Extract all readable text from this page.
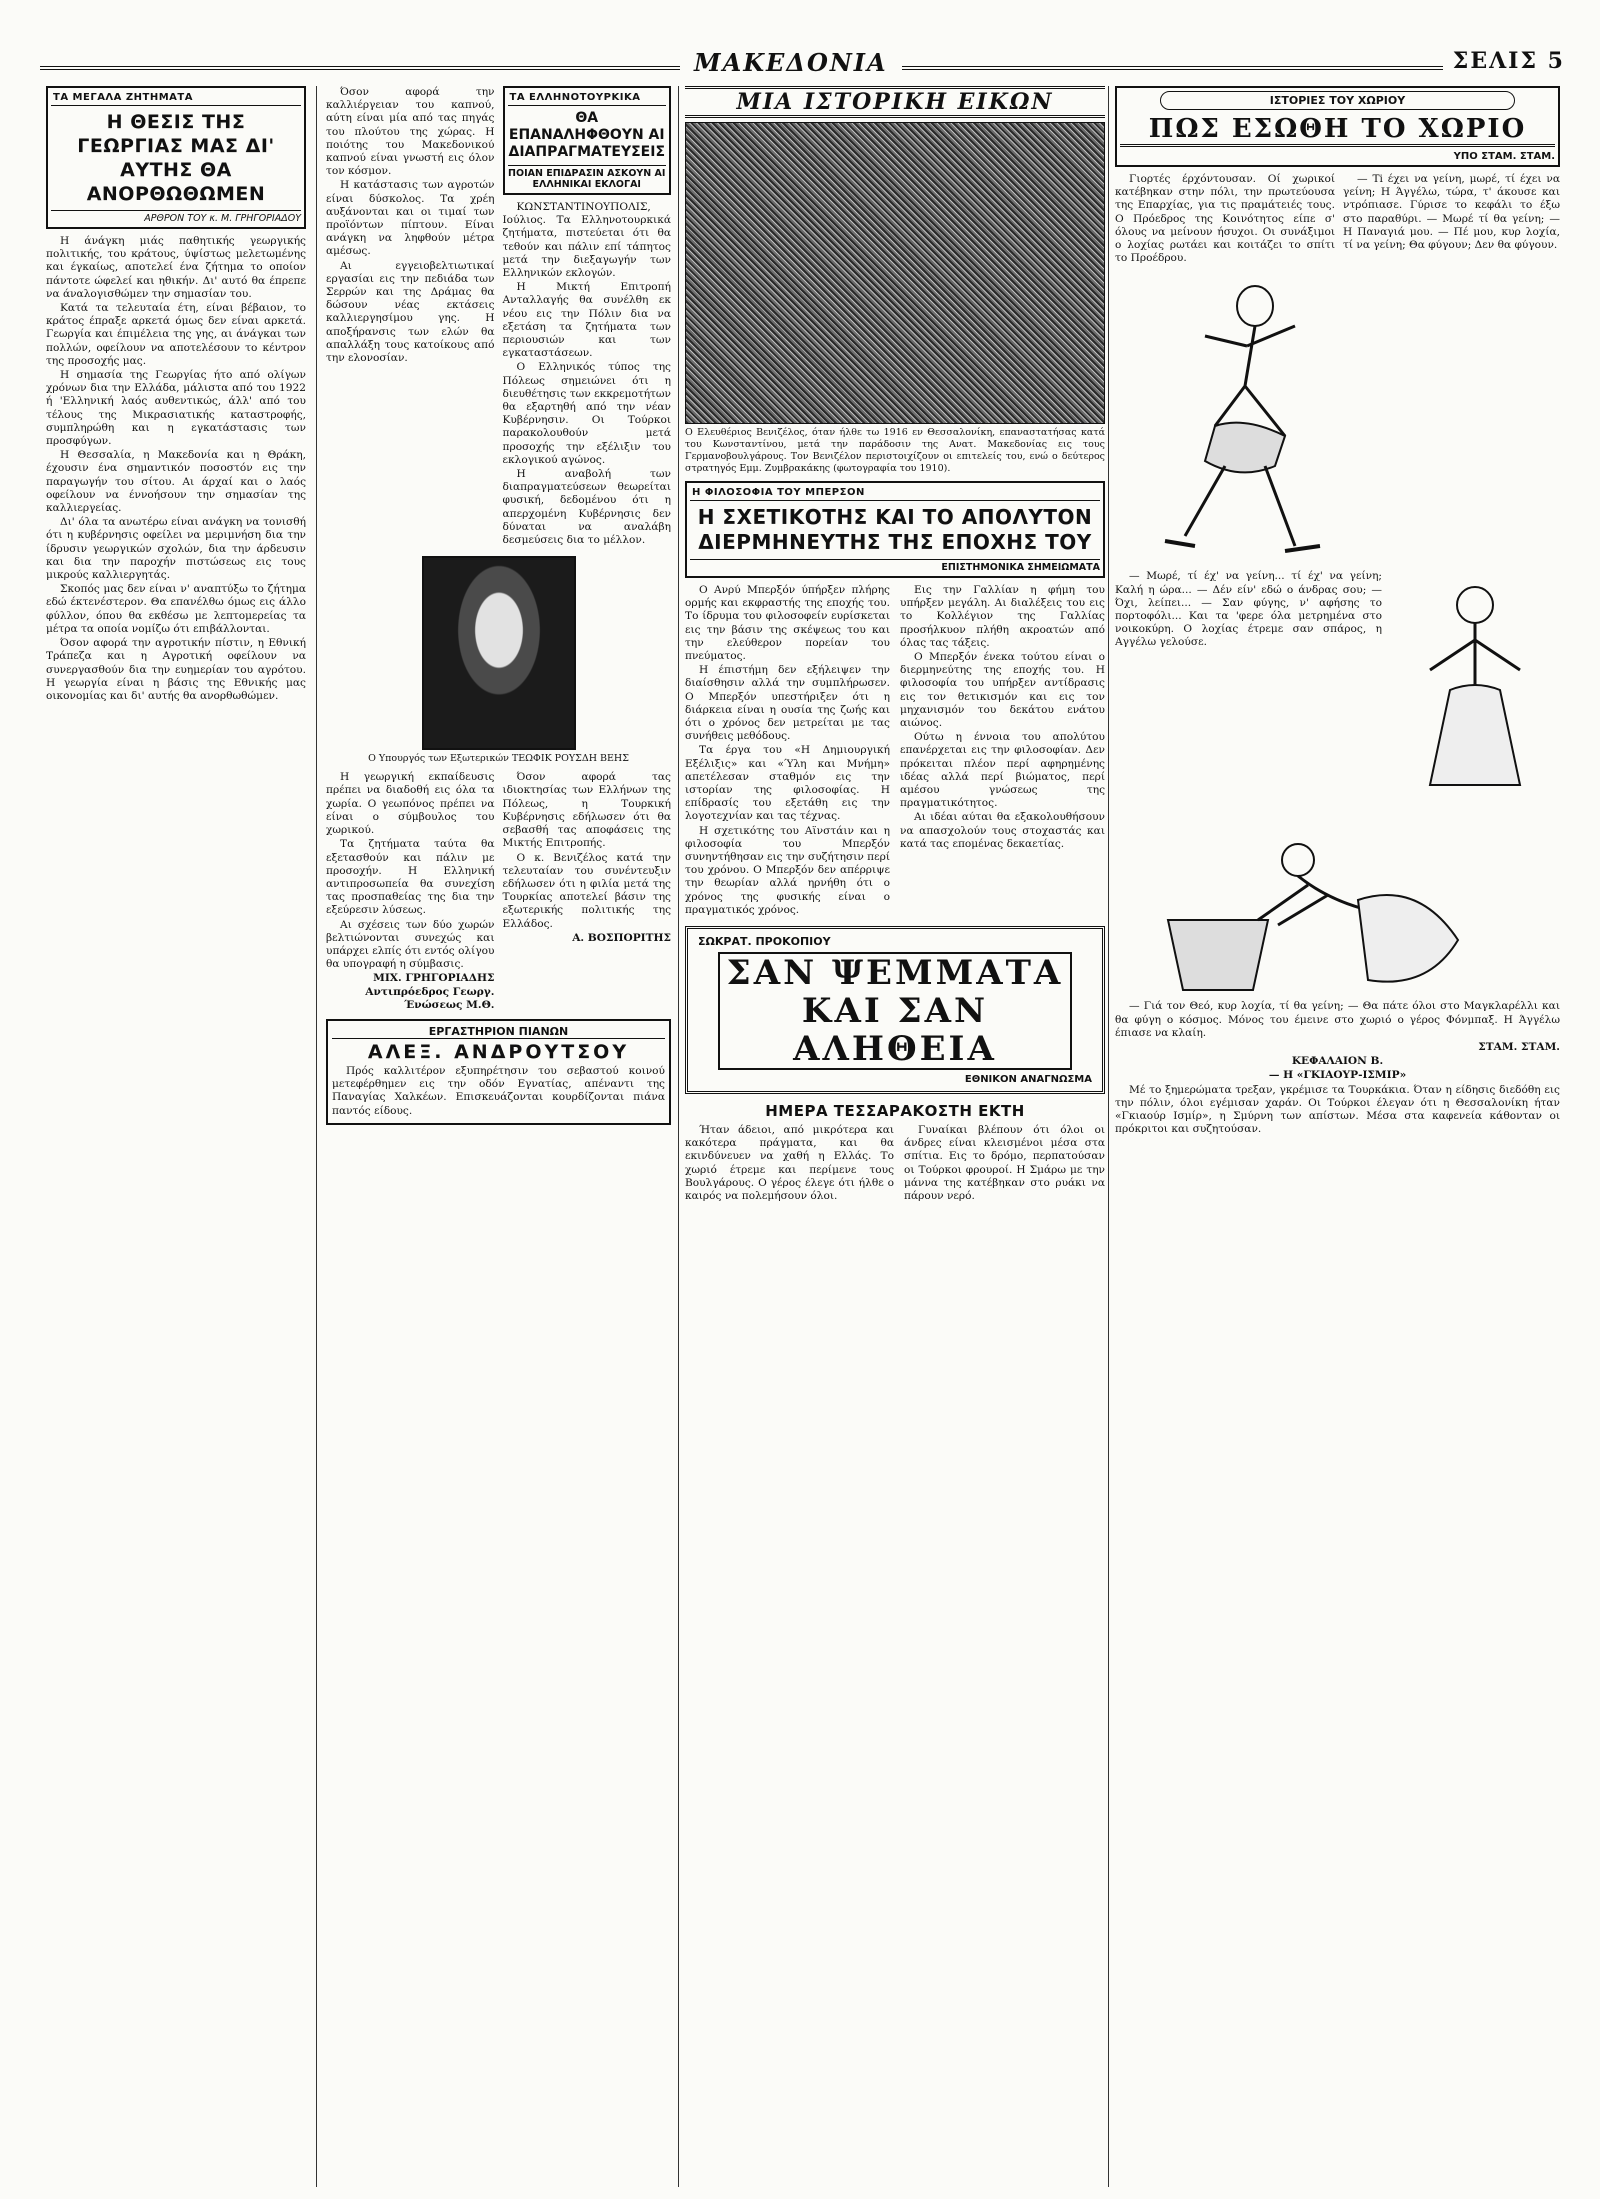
ΜΑΚΕΔΟΝΙΑ	ΣΕΛΙΣ 5
ΤΑ ΜΕΓΑΛΑ ΖΗΤΗΜΑΤΑ
Η ΘΕΣΙΣ ΤΗΣ ΓΕΩΡΓΙΑΣ ΜΑΣ ΔΙ' ΑΥΤΗΣ ΘΑ ΑΝΟΡΘΩΘΩΜΕΝ
ΑΡΘΡΟΝ ΤΟΥ κ. Μ. ΓΡΗΓΟΡΙΑΔΟΥ

Η άνάγκη μιάς παθητικής γεωργικής πολιτικής, του κράτους, ύψίστως μελετωμένης και έγκαίως, αποτελεί ένα ζήτημα το οποίον πάντοτε ώφελεί και ηθικήν. Δι' αυτό θα έπρεπε να άναλογισθώμεν την σημασίαν του.

Κατά τα τελευταία έτη, είναι βέβαιον, το κράτος έπραξε αρκετά όμως δεν είναι αρκετά. Γεωργία και έπιμέλεια της γης, αι άνάγκαι των πολλών, οφείλουν να αποτελέσουν το κέντρον της προσοχής μας.

Η σημασία της Γεωργίας ήτο από ολίγων χρόνων δια την Ελλάδα, μάλιστα από του 1922 ή 'Ελληνική λαός αυθεντικώς, άλλ' από του τέλους της Μικρασιατικής καταστροφής, συμπληρώθη και η εγκατάστασις των προσφύγων.

Η Θεσσαλία, η Μακεδονία και η Θράκη, έχουσιν ένα σημαντικόν ποσοστόν εις την παραγωγήν του σίτου. Αι άρχαί και ο λαός οφείλουν να έννοήσουν την σημασίαν της καλλιεργείας.

Δι' όλα τα ανωτέρω είναι ανάγκη να τονισθή ότι η κυβέρνησις οφείλει να μεριμνήση δια την ίδρυσιν γεωργικών σχολών, δια την άρδευσιν και δια την παροχήν πιστώσεως εις τους μικρούς καλλιεργητάς.

Σκοπός μας δεν είναι ν' αναπτύξω το ζήτημα εδώ έκτενέστερον. Θα επανέλθω όμως εις άλλο φύλλον, όπου θα εκθέσω με λεπτομερείας τα μέτρα τα οποία νομίζω ότι επιβάλλονται.

Όσον αφορά την αγροτικήν πίστιν, η Εθνική Τράπεζα και η Αγροτική οφείλουν να συνεργασθούν δια την ευημερίαν του αγρότου. Η γεωργία είναι η βάσις της Εθνικής μας οικονομίας και δι' αυτής θα ανορθωθώμεν.

Όσον αφορά την καλλιέργειαν του καπνού, αύτη είναι μία από τας πηγάς του πλούτου της χώρας. Η ποιότης του Μακεδονικού καπνού είναι γνωστή εις όλον τον κόσμον.

Η κατάστασις των αγροτών είναι δύσκολος. Τα χρέη αυξάνονται και οι τιμαί των προϊόντων πίπτουν. Είναι ανάγκη να ληφθούν μέτρα αμέσως.

Αι εγγειοβελτιωτικαί εργασίαι εις την πεδιάδα των Σερρών και της Δράμας θα δώσουν νέας εκτάσεις καλλιεργησίμου γης. Η αποξήρανσις των ελών θα απαλλάξη τους κατοίκους από την ελονοσίαν.

ΤΑ ΕΛΛΗΝΟΤΟΥΡΚΙΚΑ
ΘΑ ΕΠΑΝΑΛΗΦΘΟΥΝ ΑΙ ΔΙΑΠΡΑΓΜΑΤΕΥΣΕΙΣ
ΠΟΙΑΝ ΕΠΙΔΡΑΣΙΝ ΑΣΚΟΥΝ ΑΙ ΕΛΛΗΝΙΚΑΙ ΕΚΛΟΓΑΙ

ΚΩΝΣΤΑΝΤΙΝΟΥΠΟΛΙΣ, Ιούλιος. Τα Ελληνοτουρκικά ζητήματα, πιστεύεται ότι θα τεθούν και πάλιν επί τάπητος μετά την διεξαγωγήν των Ελληνικών εκλογών.

Η Μικτή Επιτροπή Ανταλλαγής θα συνέλθη εκ νέου εις την Πόλιν δια να εξετάση τα ζητήματα των περιουσιών και των εγκαταστάσεων.

Ο Ελληνικός τύπος της Πόλεως σημειώνει ότι η διευθέτησις των εκκρεμοτήτων θα εξαρτηθή από την νέαν Κυβέρνησιν. Οι Τούρκοι παρακολουθούν μετά προσοχής την εξέλιξιν του εκλογικού αγώνος.

Η αναβολή των διαπραγματεύσεων θεωρείται φυσική, δεδομένου ότι η απερχομένη Κυβέρνησις δεν δύναται να αναλάβη δεσμεύσεις δια το μέλλον.

Ο Υπουργός των Εξωτερικών ΤΕΩΦΙΚ ΡΟΥΣΔΗ ΒΕΗΣ

Η γεωργική εκπαίδευσις πρέπει να διαδοθή εις όλα τα χωρία. Ο γεωπόνος πρέπει να είναι ο σύμβουλος του χωρικού.

Τα ζητήματα ταύτα θα εξετασθούν και πάλιν με προσοχήν. Η Ελληνική αντιπροσωπεία θα συνεχίση τας προσπαθείας της δια την εξεύρεσιν λύσεως.

Αι σχέσεις των δύο χωρών βελτιώνονται συνεχώς και υπάρχει ελπίς ότι εντός ολίγου θα υπογραφή η σύμβασις.

ΜΙΧ. ΓΡΗΓΟΡΙΑΔΗΣ Αντιπρόεδρος Γεωργ. Ένώσεως Μ.Θ.

Όσον αφορά τας ιδιοκτησίας των Ελλήνων της Πόλεως, η Τουρκική Κυβέρνησις εδήλωσεν ότι θα σεβασθή τας αποφάσεις της Μικτής Επιτροπής.

Ο κ. Βενιζέλος κατά την τελευταίαν του συνέντευξιν εδήλωσεν ότι η φιλία μετά της Τουρκίας αποτελεί βάσιν της εξωτερικής πολιτικής της Ελλάδος.

Α. ΒΟΣΠΟΡΙΤΗΣ

ΕΡΓΑΣΤΗΡΙΟΝ ΠΙΑΝΩΝ
ΑΛΕΞ. ΑΝΔΡΟΥΤΣΟΥ

Πρός καλλιτέρον εξυπηρέτησιν του σεβαστού κοινού μετεφέρθημεν εις την οδόν Εγνατίας, απέναντι της Παναγίας Χαλκέων. Επισκευάζονται κουρδίζονται πιάνα παντός είδους.

ΜΙΑ ΙΣΤΟΡΙΚΗ ΕΙΚΩΝ
Ο Ελευθέριος Βενιζέλος, όταν ήλθε τω 1916 εν Θεσσαλονίκη, επαναστατήσας κατά του Κωνσταντίνου, μετά την παράδοσιν της Ανατ. Μακεδονίας εις τους Γερμανοβουλγάρους. Τον Βενιζέλον περιστοιχίζουν οι επιτελείς του, ενώ ο δεύτερος στρατηγός Εμμ. Ζυμβρακάκης (φωτογραφία του 1910).
Η ΦΙΛΟΣΟΦΙΑ ΤΟΥ ΜΠΕΡΣΟΝ
Η ΣΧΕΤΙΚΟΤΗΣ ΚΑΙ ΤΟ ΑΠΟΛΥΤΟΝ ΔΙΕΡΜΗΝΕΥΤΗΣ ΤΗΣ ΕΠΟΧΗΣ ΤΟΥ
ΕΠΙΣΤΗΜΟΝΙΚΑ ΣΗΜΕΙΩΜΑΤΑ

Ο Ανρύ Μπερξόν ύπήρξεν πλήρης ορμής και εκφραστής της εποχής του. Το ίδρυμα του φιλοσοφείν ευρίσκεται εις την βάσιν της σκέψεως του και την ελεύθερον πορείαν του πνεύματος.

Η έπιστήμη δεν εξήλειψεν την διαίσθησιν αλλά την συμπλήρωσεν. Ο Μπερξόν υπεστήριξεν ότι η διάρκεια είναι η ουσία της ζωής και ότι ο χρόνος δεν μετρείται με τας συνήθεις μεθόδους.

Τα έργα του «Η Δημιουργική Εξέλιξις» και «Ύλη και Μνήμη» απετέλεσαν σταθμόν εις την ιστορίαν της φιλοσοφίας. Η επίδρασίς του εξετάθη εις την λογοτεχνίαν και τας τέχνας.

Η σχετικότης του Αϊνστάιν και η φιλοσοφία του Μπερξόν συνηντήθησαν εις την συζήτησιν περί του χρόνου. Ο Μπερξόν δεν απέρριψε την θεωρίαν αλλά ηρνήθη ότι ο χρόνος της φυσικής είναι ο πραγματικός χρόνος.

Εις την Γαλλίαν η φήμη του υπήρξεν μεγάλη. Αι διαλέξεις του εις το Κολλέγιον της Γαλλίας προσήλκυον πλήθη ακροατών από όλας τας τάξεις.

Ο Μπερξόν ένεκα τούτου είναι ο διερμηνεύτης της εποχής του. Η φιλοσοφία του υπήρξεν αντίδρασις εις τον θετικισμόν και εις τον μηχανισμόν του δεκάτου ενάτου αιώνος.

Ούτω η έννοια του απολύτου επανέρχεται εις την φιλοσοφίαν. Δεν πρόκειται πλέον περί αφηρημένης ιδέας αλλά περί βιώματος, περί αμέσου γνώσεως της πραγματικότητος.

Αι ιδέαι αύται θα εξακολουθήσουν να απασχολούν τους στοχαστάς και κατά τας επομένας δεκαετίας.

ΣΩΚΡΑΤ. ΠΡΟΚΟΠΙΟΥ
ΣΑΝ ΨΕΜΜΑΤΑ ΚΑΙ ΣΑΝ ΑΛΗΘΕΙΑ
ΕΘΝΙΚΟΝ ΑΝΑΓΝΩΣΜΑ
ΗΜΕΡΑ ΤΕΣΣΑΡΑΚΟΣΤΗ ΕΚΤΗ

Ήταν άδειοι, από μικρότερα και κακότερα πράγματα, και θα εκινδύνευεν να χαθή η Ελλάς. Το χωριό έτρεμε και περίμενε τους Βουλγάρους. Ο γέρος έλεγε ότι ήλθε ο καιρός να πολεμήσουν όλοι.

Γυναίκαι βλέπουν ότι όλοι οι άνδρες είναι κλεισμένοι μέσα στα σπίτια. Εις το δρόμο, περπατούσαν οι Τούρκοι φρουροί. Η Σμάρω με την μάννα της κατέβηκαν στο ρυάκι να πάρουν νερό.

ΙΣΤΟΡΙΕΣ ΤΟΥ ΧΩΡΙΟΥ
ΠΩΣ ΕΣΩΘΗ ΤΟ ΧΩΡΙΟ
ΥΠΟ ΣΤΑΜ. ΣΤΑΜ.

Γιορτές έρχόντουσαν. Οί χωρικοί κατέβηκαν στην πόλι, την πρωτεύουσα της Επαρχίας, για τις πραμάτειές τους. Ο Πρόεδρος της Κοινότητος είπε σ' όλους να μείνουν ήσυχοι. Οι συνάξιμοι ο λοχίας ρωτάει και κοιτάζει το σπίτι το Προέδρου.

— Ti έχει να γείνη, μωρέ, τί έχει να γείνη; Η Άγγέλω, τώρα, τ' άκουσε και ντρόπιασε. Γύρισε το κεφάλι το έξω στο παραθύρι. — Μωρέ τί θα γείνη; — Η Παναγιά μου. — Πέ μου, κυρ λοχία, τί να γείνη; Θα φύγουν; Δεν θα φύγουν.

— Μωρέ, τί έχ' να γείνη... τί έχ' να γείνη; Καλή η ώρα... — Δέν είν' εδώ ο άνδρας σου; — Όχι, λείπει... — Σαν φύγης, ν' αφήσης το πορτοφόλι... Και τα 'φερε όλα μετρημένα στο νοικοκύρη. Ο λοχίας έτρεμε σαν σπάρος, η Αγγέλω γελούσε.

— Γιά τον Θεό, κυρ λοχία, τί θα γείνη; — Θα πάτε όλοι στο Μαγκλαρέλλι και θα φύγη ο κόσμος. Μόνος του έμεινε στο χωριό ο γέρος Φόνμπαξ. Η Άγγέλω έπιασε να κλαίη.

ΣΤΑΜ. ΣΤΑΜ.

ΚΕΦΑΛΑΙΟΝ Β.

— Η «ΓΚΙΑΟΥΡ-ΙΣΜΙΡ»

Μέ το ξημερώματα τρεξαν, γκρέμισε τα Τουρκάκια. Όταν η είδησις διεδόθη εις την πόλιν, όλοι εγέμισαν χαράν. Οι Τούρκοι έλεγαν ότι η Θεσσαλονίκη ήταν «Γκιαούρ Ισμίρ», η Σμύρνη των απίστων. Μέσα στα καφενεία κάθονταν οι πρόκριτοι και συζητούσαν.
